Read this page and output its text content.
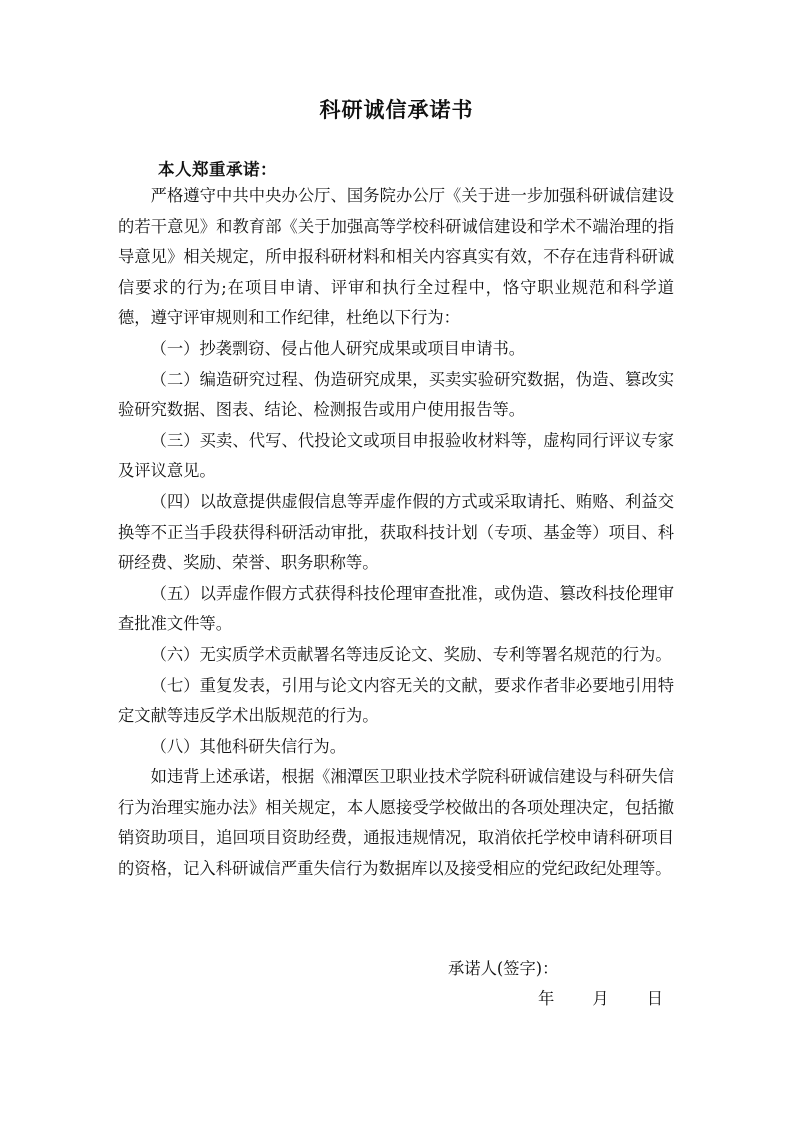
科研诚信承诺书
本人郑重承诺：

严格遵守中共中央办公厅、国务院办公厅《关于进一步加强科研诚信建设的若干意见》和教育部《关于加强高等学校科研诚信建设和学术不端治理的指导意见》相关规定，所申报科研材料和相关内容真实有效，不存在违背科研诚信要求的行为;在项目申请、评审和执行全过程中，恪守职业规范和科学道德，遵守评审规则和工作纪律，杜绝以下行为：

（一）抄袭剽窃、侵占他人研究成果或项目申请书。

（二）编造研究过程、伪造研究成果，买卖实验研究数据，伪造、篡改实验研究数据、图表、结论、检测报告或用户使用报告等。

（三）买卖、代写、代投论文或项目申报验收材料等，虚构同行评议专家及评议意见。

（四）以故意提供虚假信息等弄虚作假的方式或采取请托、贿赂、利益交换等不正当手段获得科研活动审批，获取科技计划（专项、基金等）项目、科研经费、奖励、荣誉、职务职称等。

（五）以弄虚作假方式获得科技伦理审查批准，或伪造、篡改科技伦理审查批准文件等。

（六）无实质学术贡献署名等违反论文、奖励、专利等署名规范的行为。

（七）重复发表，引用与论文内容无关的文献，要求作者非必要地引用特定文献等违反学术出版规范的行为。

（八）其他科研失信行为。

如违背上述承诺，根据《湘潭医卫职业技术学院科研诚信建设与科研失信行为治理实施办法》相关规定，本人愿接受学校做出的各项处理决定，包括撤销资助项目，追回项目资助经费，通报违规情况，取消依托学校申请科研项目的资格，记入科研诚信严重失信行为数据库以及接受相应的党纪政纪处理等。

承诺人(签字)：
年 月 日
